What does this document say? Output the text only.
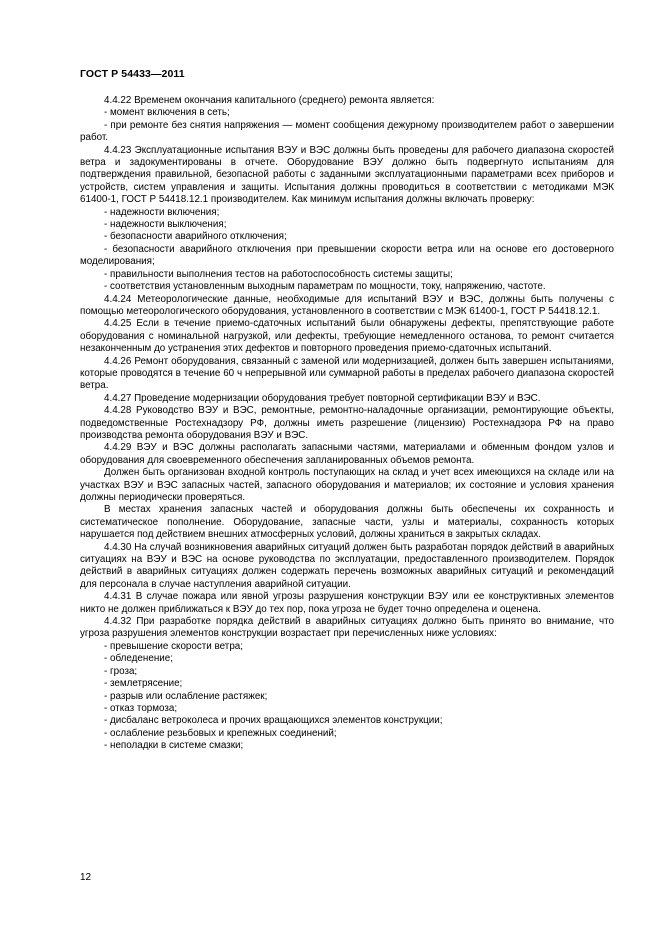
ГОСТ Р 54433—2011

4.4.22 Временем окончания капитального (среднего) ремонта является:

- момент включения в сеть;

- при ремонте без снятия напряжения — момент сообщения дежурному производителем работ о завершении работ.

4.4.23 Эксплуатационные испытания ВЭУ и ВЭС должны быть проведены для рабочего диапазона скоростей ветра и задокументированы в отчете. Оборудование ВЭУ должно быть подвергнуто испытаниям для подтверждения правильной, безопасной работы с заданными эксплуатационными параметрами всех приборов и устройств, систем управления и защиты. Испытания должны проводиться в соответствии с методиками МЭК 61400-1, ГОСТ Р 54418.12.1 производителем. Как минимум испытания должны включать проверку:

- надежности включения;

- надежности выключения;

- безопасности аварийного отключения;

- безопасности аварийного отключения при превышении скорости ветра или на основе его достоверного моделирования;

- правильности выполнения тестов на работоспособность системы защиты;

- соответствия установленным выходным параметрам по мощности, току, напряжению, частоте.

4.4.24 Метеорологические данные, необходимые для испытаний ВЭУ и ВЭС, должны быть получены с помощью метеорологического оборудования, установленного в соответствии с МЭК 61400-1, ГОСТ Р 54418.12.1.

4.4.25 Если в течение приемо-сдаточных испытаний были обнаружены дефекты, препятствующие работе оборудования с номинальной нагрузкой, или дефекты, требующие немедленного останова, то ремонт считается незаконченным до устранения этих дефектов и повторного проведения приемо-сдаточных испытаний.

4.4.26 Ремонт оборудования, связанный с заменой или модернизацией, должен быть завершен испытаниями, которые проводятся в течение 60 ч непрерывной или суммарной работы в пределах рабочего диапазона скоростей ветра.

4.4.27 Проведение модернизации оборудования требует повторной сертификации ВЭУ и ВЭС.

4.4.28 Руководство ВЭУ и ВЭС, ремонтные, ремонтно-наладочные организации, ремонтирующие объекты, подведомственные Ростехнадзору РФ, должны иметь разрешение (лицензию) Ростехнадзора РФ на право производства ремонта оборудования ВЭУ и ВЭС.

4.4.29 ВЭУ и ВЭС должны располагать запасными частями, материалами и обменным фондом узлов и оборудования для своевременного обеспечения запланированных объемов ремонта.

Должен быть организован входной контроль поступающих на склад и учет всех имеющихся на складе или на участках ВЭУ и ВЭС запасных частей, запасного оборудования и материалов; их состояние и условия хранения должны периодически проверяться.

В местах хранения запасных частей и оборудования должны быть обеспечены их сохранность и систематическое пополнение. Оборудование, запасные части, узлы и материалы, сохранность которых нарушается под действием внешних атмосферных условий, должны храниться в закрытых складах.

4.4.30 На случай возникновения аварийных ситуаций должен быть разработан порядок действий в аварийных ситуациях на ВЭУ и ВЭС на основе руководства по эксплуатации, предоставленного производителем. Порядок действий в аварийных ситуациях должен содержать перечень возможных аварийных ситуаций и рекомендаций для персонала в случае наступления аварийной ситуации.

4.4.31 В случае пожара или явной угрозы разрушения конструкции ВЭУ или ее конструктивных элементов никто не должен приближаться к ВЭУ до тех пор, пока угроза не будет точно определена и оценена.

4.4.32 При разработке порядка действий в аварийных ситуациях должно быть принято во внимание, что угроза разрушения элементов конструкции возрастает при перечисленных ниже условиях:

- превышение скорости ветра;

- обледенение;

- гроза;

- землетрясение;

- разрыв или ослабление растяжек;

- отказ тормоза;

- дисбаланс ветроколеса и прочих вращающихся элементов конструкции;

- ослабление резьбовых и крепежных соединений;

- неполадки в системе смазки;

12
